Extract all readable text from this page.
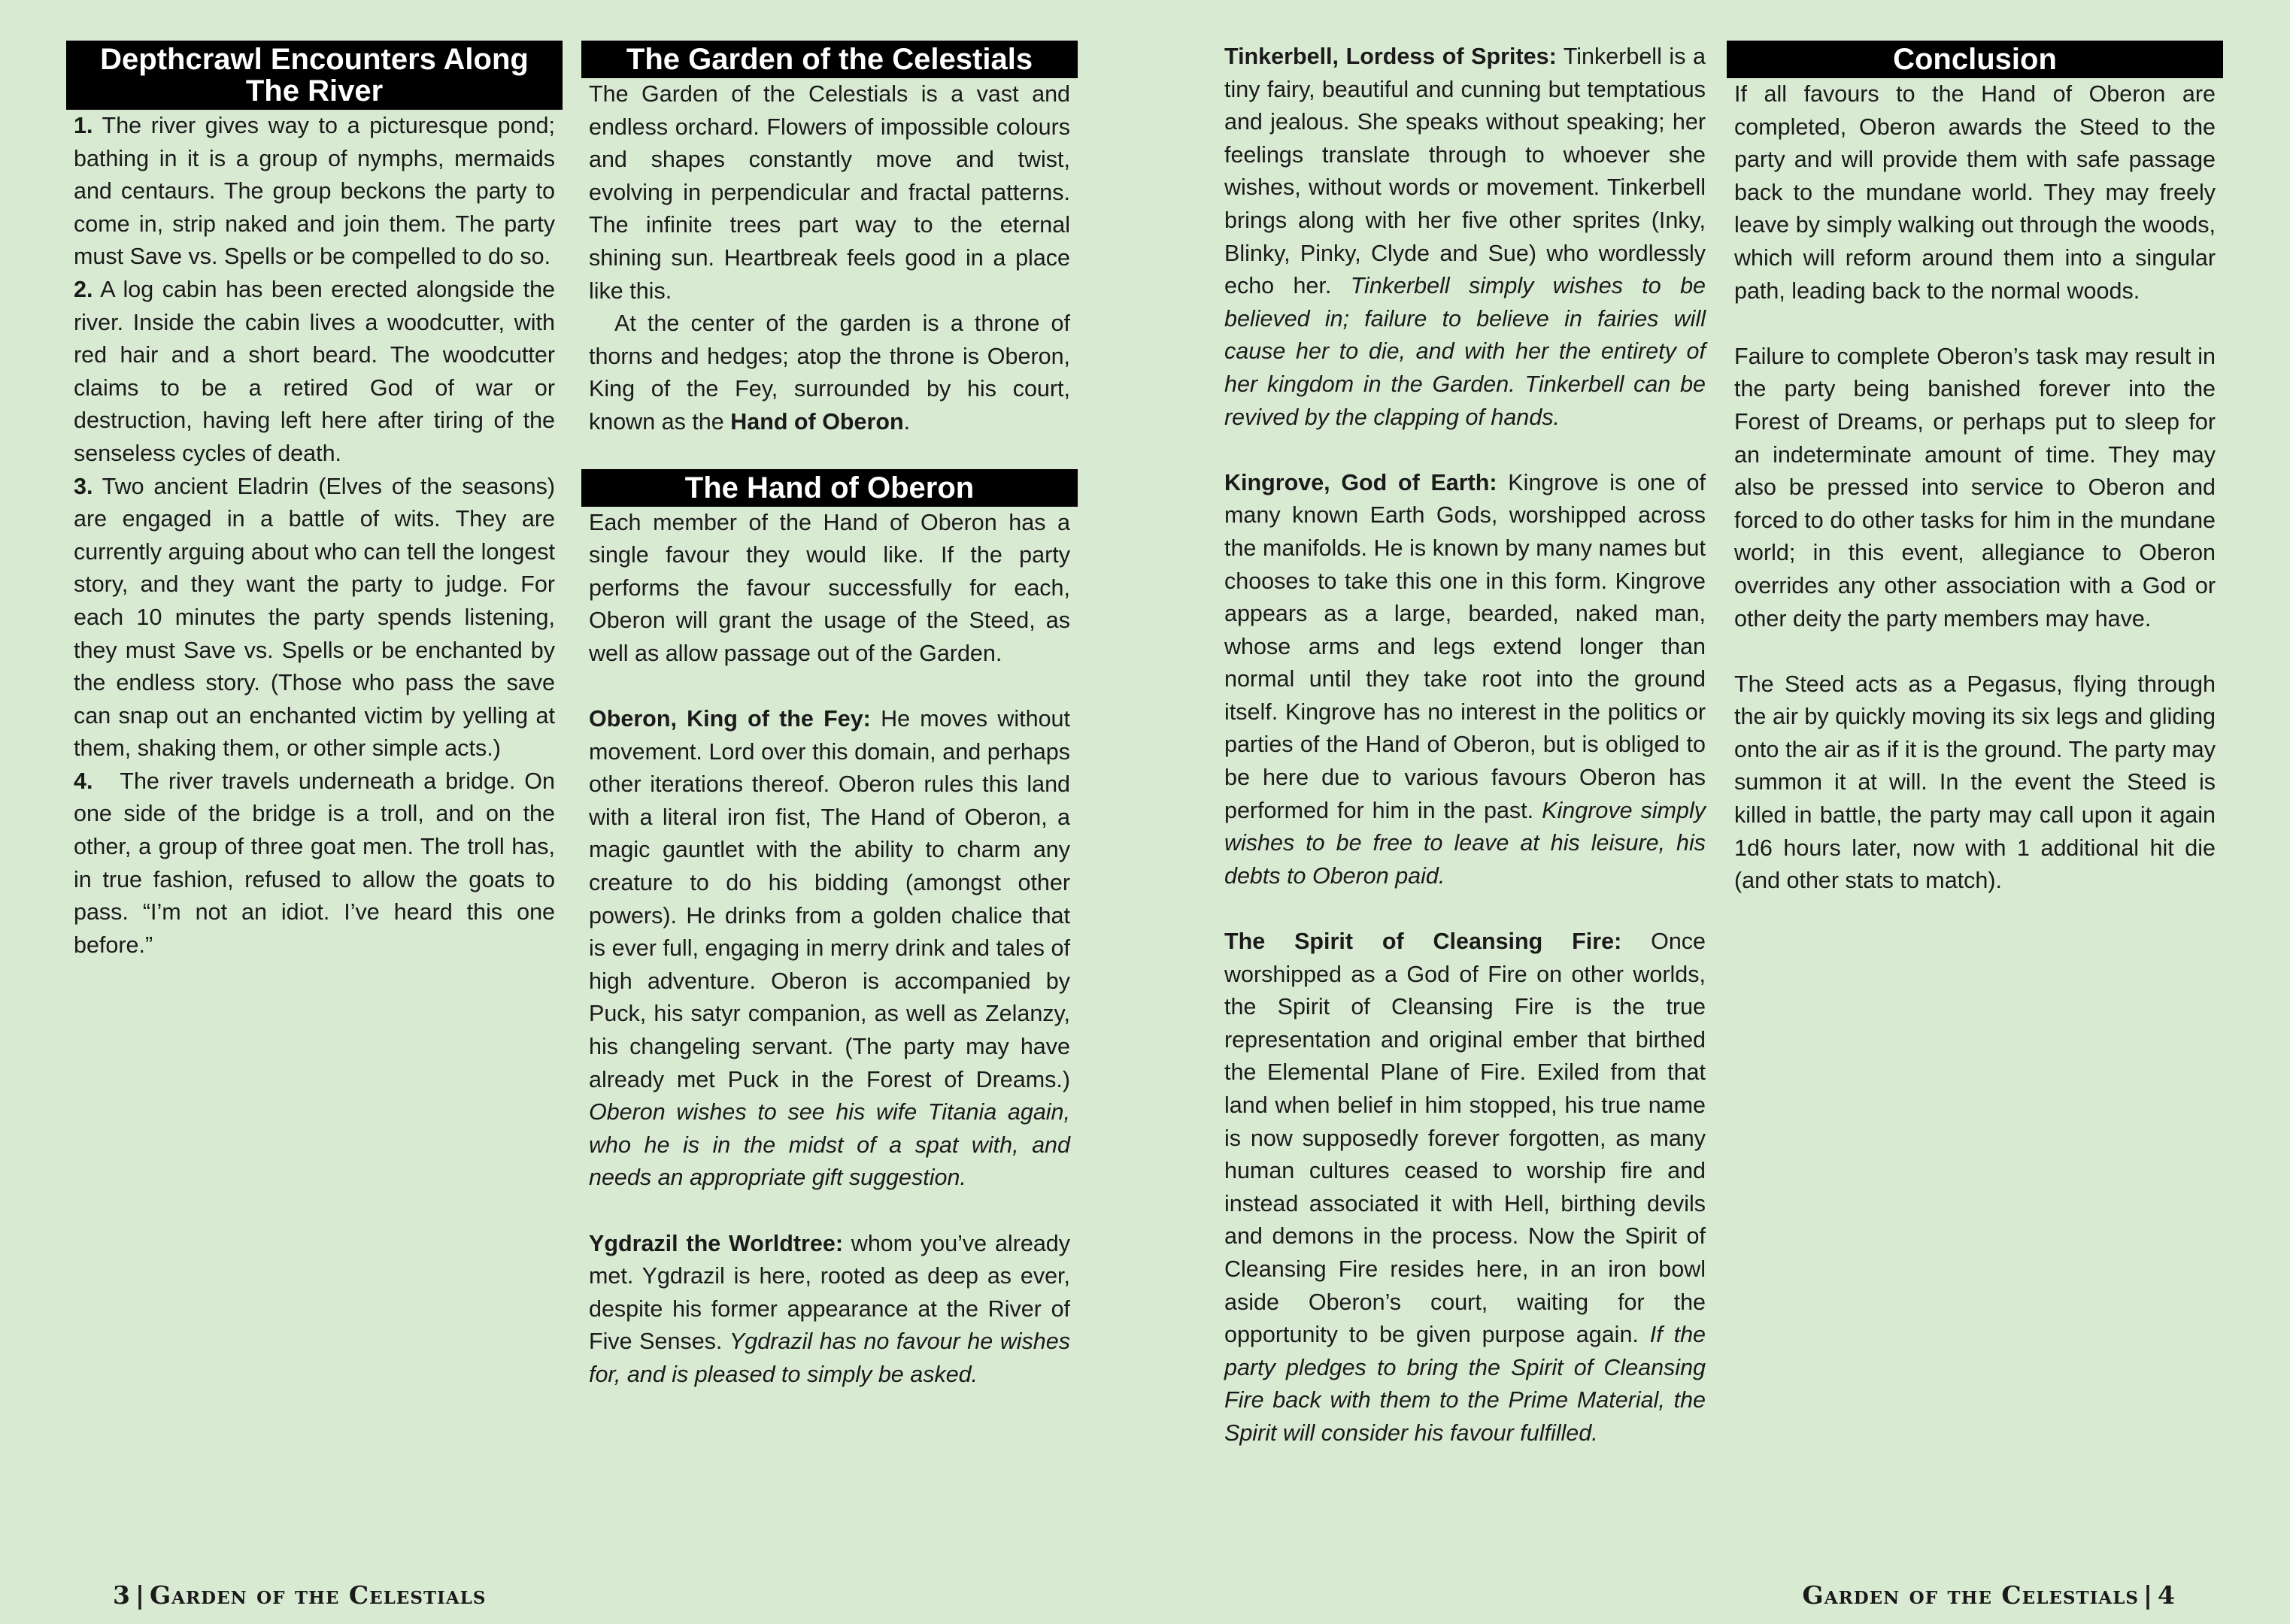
Depthcrawl Encounters Along The River

1. The river gives way to a picturesque pond; bathing in it is a group of nymphs, mermaids and centaurs. The group beckons the party to come in, strip naked and join them. The party must Save vs. Spells or be compelled to do so.

2. A log cabin has been erected alongside the river. Inside the cabin lives a woodcutter, with red hair and a short beard. The woodcutter claims to be a retired God of war or destruction, having left here after tiring of the senseless cycles of death.

3. Two ancient Eladrin (Elves of the seasons) are engaged in a battle of wits. They are currently arguing about who can tell the longest story, and they want the party to judge. For each 10 minutes the party spends listening, they must Save vs. Spells or be enchanted by the endless story. (Those who pass the save can snap out an enchanted victim by yelling at them, shaking them, or other simple acts.)

4.   The river travels underneath a bridge. On one side of the bridge is a troll, and on the other, a group of three goat men. The troll has, in true fashion, refused to allow the goats to pass. “I’m not an idiot. I’ve heard this one before.”

The Garden of the Celestials

The Garden of the Celestials is a vast and endless orchard. Flowers of impossible colours and shapes constantly move and twist, evolving in perpendicular and fractal patterns. The infinite trees part way to the eternal shining sun. Heartbreak feels good in a place like this.

At the center of the garden is a throne of thorns and hedges; atop the throne is Oberon, King of the Fey, surrounded by his court, known as the Hand of Oberon.

The Hand of Oberon

Each member of the Hand of Oberon has a single favour they would like. If the party performs the favour successfully for each, Oberon will grant the usage of the Steed, as well as allow passage out of the Garden.

Oberon, King of the Fey: He moves without movement. Lord over this domain, and perhaps other iterations thereof. Oberon rules this land with a literal iron fist, The Hand of Oberon, a magic gauntlet with the ability to charm any creature to do his bidding (amongst other powers). He drinks from a golden chalice that is ever full, engaging in merry drink and tales of high adventure. Oberon is accompanied by Puck, his satyr companion, as well as Zelanzy, his changeling servant. (The party may have already met Puck in the Forest of Dreams.) Oberon wishes to see his wife Titania again, who he is in the midst of a spat with, and needs an appropriate gift suggestion.

Ygdrazil the Worldtree: whom you’ve already met. Ygdrazil is here, rooted as deep as ever, despite his former appearance at the River of Five Senses. Ygdrazil has no favour he wishes for, and is pleased to simply be asked.

Tinkerbell, Lordess of Sprites: Tinkerbell is a tiny fairy, beautiful and cunning but temptatious and jealous. She speaks without speaking; her feelings translate through to whoever she wishes, without words or movement. Tinkerbell brings along with her five other sprites (Inky, Blinky, Pinky, Clyde and Sue) who wordlessly echo her. Tinkerbell simply wishes to be believed in; failure to believe in fairies will cause her to die, and with her the entirety of her kingdom in the Garden. Tinkerbell can be revived by the clapping of hands.

Kingrove, God of Earth: Kingrove is one of many known Earth Gods, worshipped across the manifolds. He is known by many names but chooses to take this one in this form. Kingrove appears as a large, bearded, naked man, whose arms and legs extend longer than normal until they take root into the ground itself. Kingrove has no interest in the politics or parties of the Hand of Oberon, but is obliged to be here due to various favours Oberon has performed for him in the past. Kingrove simply wishes to be free to leave at his leisure, his debts to Oberon paid.

The Spirit of Cleansing Fire: Once worshipped as a God of Fire on other worlds, the Spirit of Cleansing Fire is the true representation and original ember that birthed the Elemental Plane of Fire. Exiled from that land when belief in him stopped, his true name is now supposedly forever forgotten, as many human cultures ceased to worship fire and instead associated it with Hell, birthing devils and demons in the process. Now the Spirit of Cleansing Fire resides here, in an iron bowl aside Oberon’s court, waiting for the opportunity to be given purpose again. If the party pledges to bring the Spirit of Cleansing Fire back with them to the Prime Material, the Spirit will consider his favour fulfilled.

Conclusion

If all favours to the Hand of Oberon are completed, Oberon awards the Steed to the party and will provide them with safe passage back to the mundane world. They may freely leave by simply walking out through the woods, which will reform around them into a singular path, leading back to the normal woods.

Failure to complete Oberon’s task may result in the party being banished forever into the Forest of Dreams, or perhaps put to sleep for an indeterminate amount of time. They may also be pressed into service to Oberon and forced to do other tasks for him in the mundane world; in this event, allegiance to Oberon overrides any other association with a God or other deity the party members may have.

The Steed acts as a Pegasus, flying through the air by quickly moving its six legs and gliding onto the air as if it is the ground. The party may summon it at will. In the event the Steed is killed in battle, the party may call upon it again 1d6 hours later, now with 1 additional hit die (and other stats to match).

3 | Garden of the Celestials	Garden of the Celestials | 4
